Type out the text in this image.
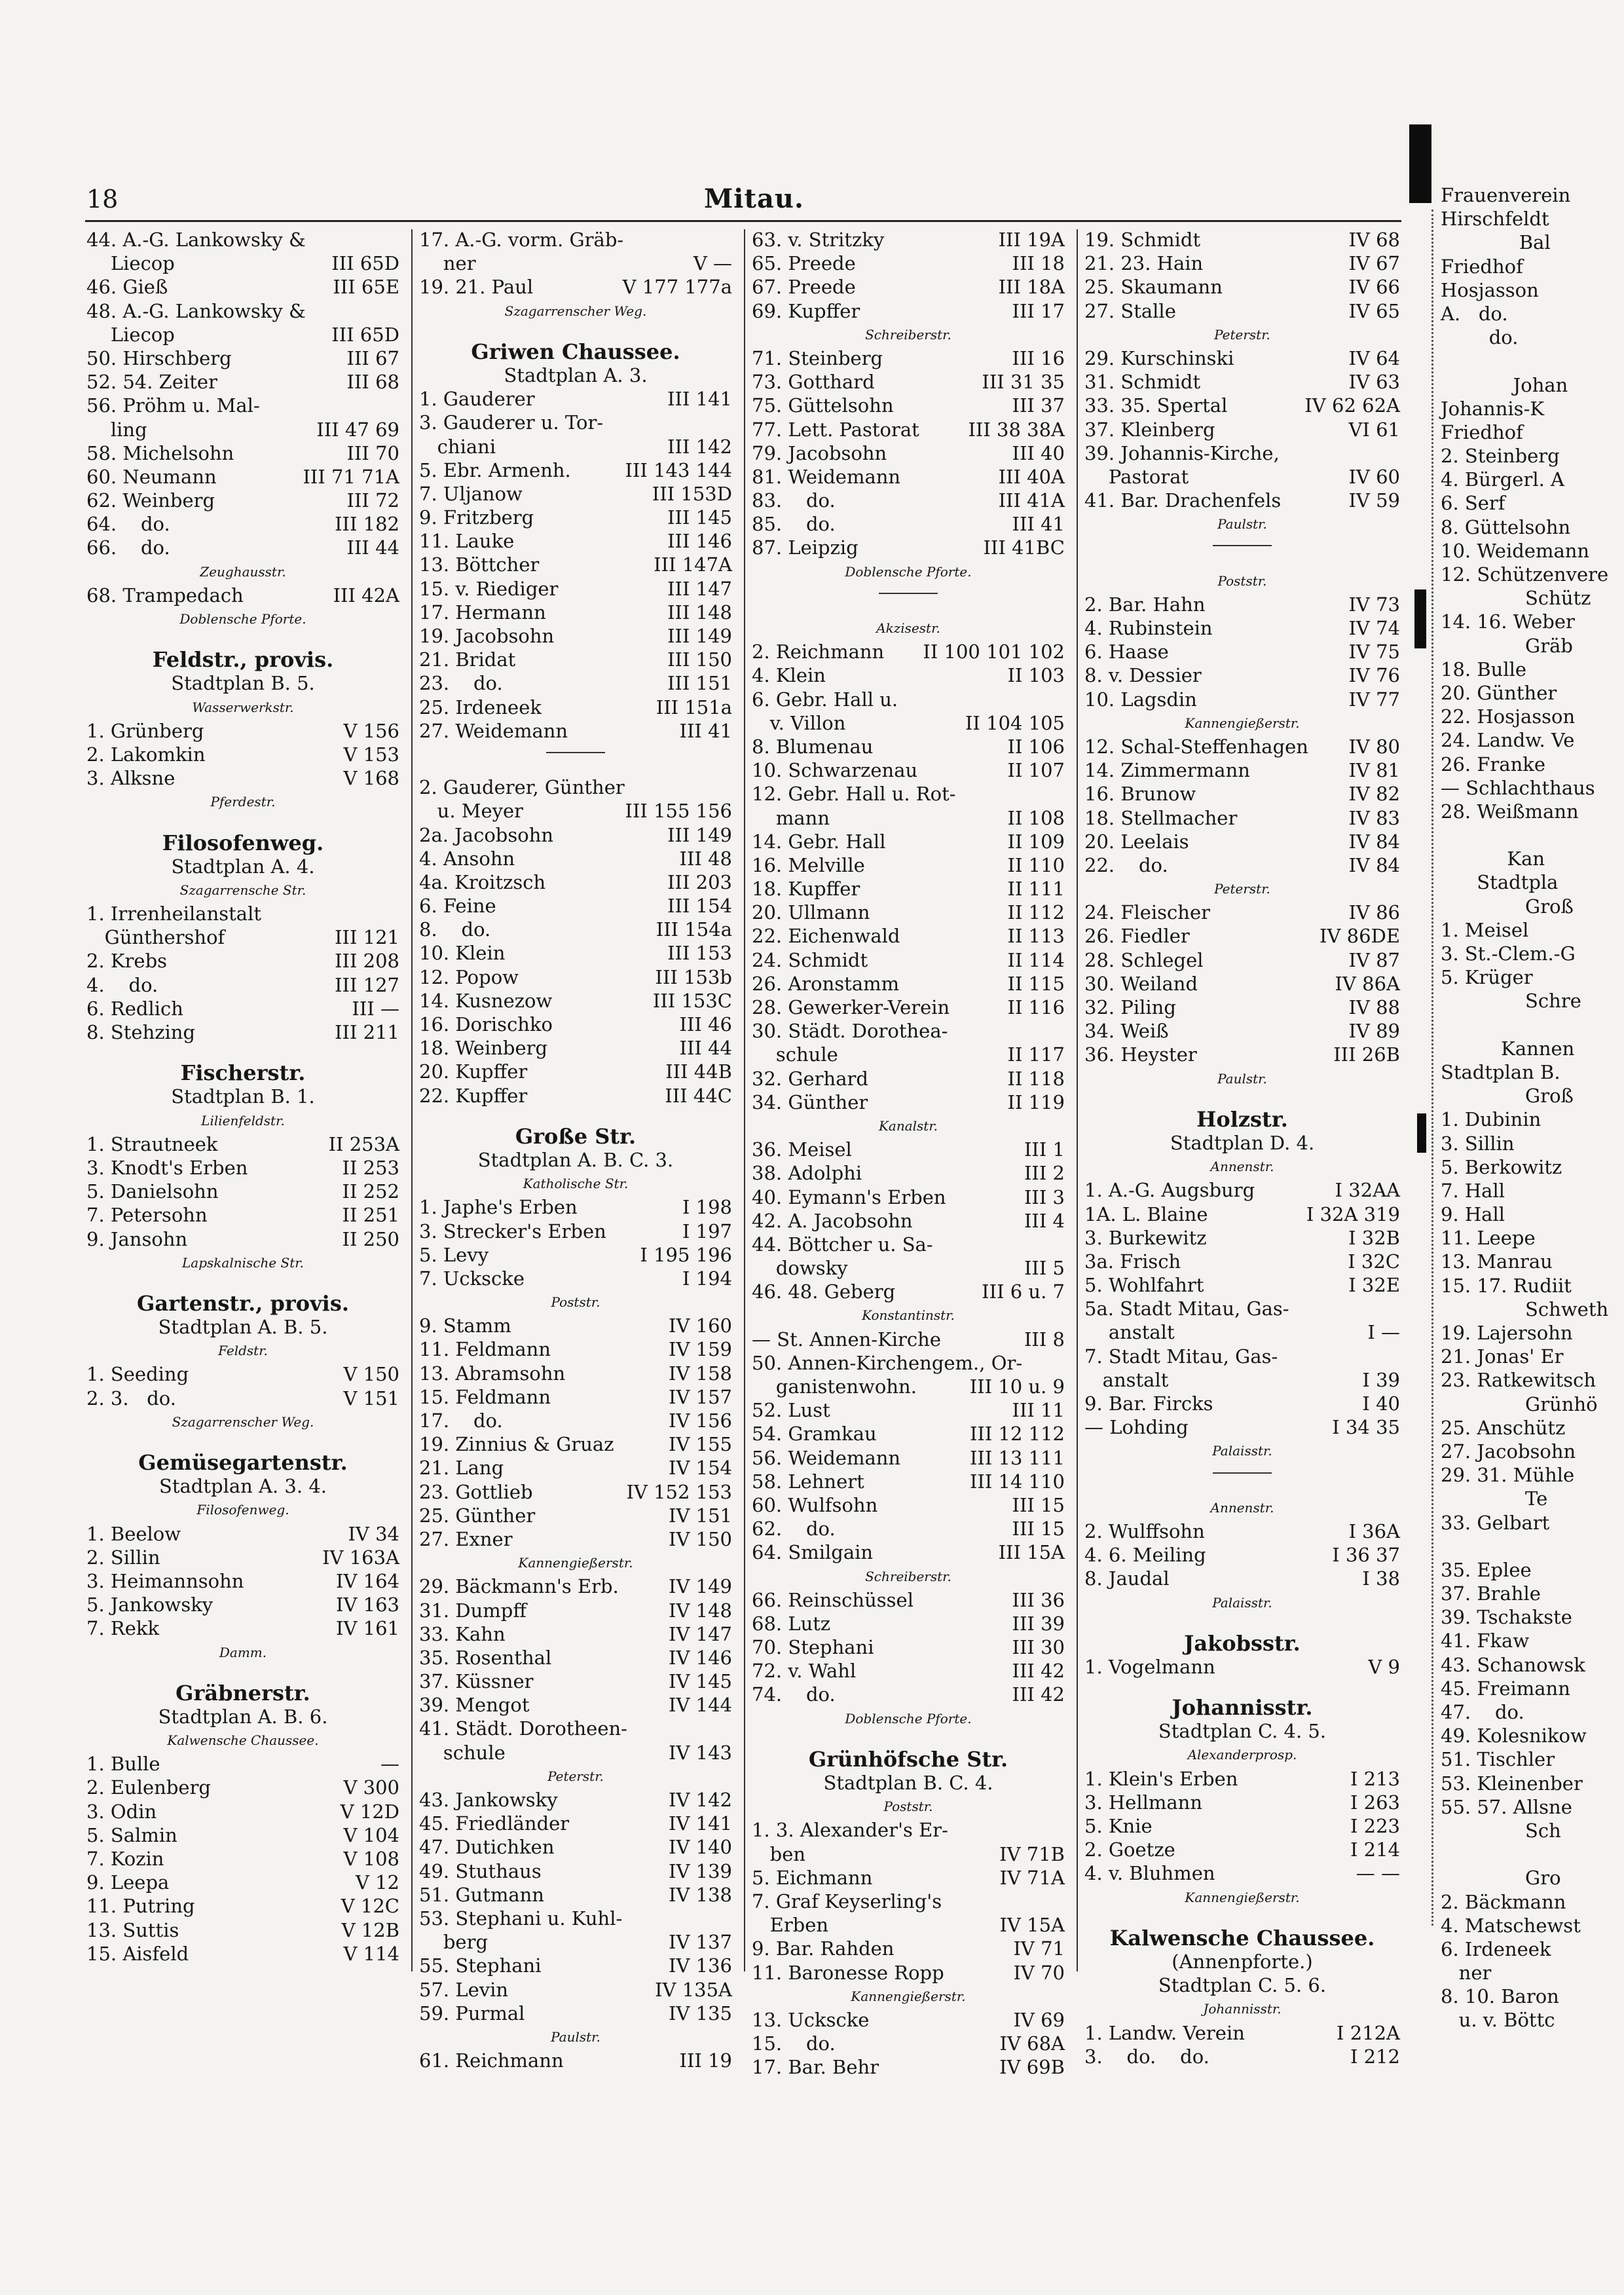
18	Mitau.
44. A.-G. Lankowsky &
Liecop	III 65D
46. Gieß	III 65E
48. A.-G. Lankowsky &
Liecop	III 65D
50. Hirschberg	III 67
52. 54. Zeiter	III 68
56. Pröhm u. Mal-
ling	III 47 69
58. Michelsohn	III 70
60. Neumann	III 71 71A
62. Weinberg	III 72
64.    do.	III 182
66.    do.	III 44
Zeughausstr.
68. Trampedach	III 42A
Doblensche Pforte.
Feldstr., provis.
Stadtplan B. 5.
Wasserwerkstr.
1. Grünberg	V 156
2. Lakomkin	V 153
3. Alksne	V 168
Pferdestr.
Filosofenweg.
Stadtplan A. 4.
Szagarrensche Str.
1. Irrenheilanstalt
Günthershof	III 121
2. Krebs	III 208
4.    do.	III 127
6. Redlich	III —
8. Stehzing	III 211
Fischerstr.
Stadtplan B. 1.
Lilienfeldstr.
1. Strautneek	II 253A
3. Knodt's Erben	II 253
5. Danielsohn	II 252
7. Petersohn	II 251
9. Jansohn	II 250
Lapskalnische Str.
Gartenstr., provis.
Stadtplan A. B. 5.
Feldstr.
1. Seeding	V 150
2. 3.   do.	V 151
Szagarrenscher Weg.
Gemüsegartenstr.
Stadtplan A. 3. 4.
Filosofenweg.
1. Beelow	IV 34
2. Sillin	IV 163A
3. Heimannsohn	IV 164
5. Jankowsky	IV 163
7. Rekk	IV 161
Damm.
Gräbnerstr.
Stadtplan A. B. 6.
Kalwensche Chaussee.
1. Bulle	—
2. Eulenberg	V 300
3. Odin	V 12D
5. Salmin	V 104
7. Kozin	V 108
9. Leepa	V 12
11. Putring	V 12C
13. Suttis	V 12B
15. Aisfeld	V 114
17. A.-G. vorm. Gräb-
ner	V —
19. 21. Paul	V 177 177a
Szagarrenscher Weg.
Griwen Chaussee.
Stadtplan A. 3.
1. Gauderer	III 141
3. Gauderer u. Tor-
chiani	III 142
5. Ebr. Armenh.	III 143 144
7. Uljanow	III 153D
9. Fritzberg	III 145
11. Lauke	III 146
13. Böttcher	III 147A
15. v. Riediger	III 147
17. Hermann	III 148
19. Jacobsohn	III 149
21. Bridat	III 150
23.    do.	III 151
25. Irdeneek	III 151a
27. Weidemann	III 41
2. Gauderer, Günther
u. Meyer	III 155 156
2a. Jacobsohn	III 149
4. Ansohn	III 48
4a. Kroitzsch	III 203
6. Feine	III 154
8.    do.	III 154a
10. Klein	III 153
12. Popow	III 153b
14. Kusnezow	III 153C
16. Dorischko	III 46
18. Weinberg	III 44
20. Kupffer	III 44B
22. Kupffer	III 44C
Große Str.
Stadtplan A. B. C. 3.
Katholische Str.
1. Japhe's Erben	I 198
3. Strecker's Erben	I 197
5. Levy	I 195 196
7. Uckscke	I 194
Poststr.
9. Stamm	IV 160
11. Feldmann	IV 159
13. Abramsohn	IV 158
15. Feldmann	IV 157
17.    do.	IV 156
19. Zinnius & Gruaz	IV 155
21. Lang	IV 154
23. Gottlieb	IV 152 153
25. Günther	IV 151
27. Exner	IV 150
Kannengießerstr.
29. Bäckmann's Erb.	IV 149
31. Dumpff	IV 148
33. Kahn	IV 147
35. Rosenthal	IV 146
37. Küssner	IV 145
39. Mengot	IV 144
41. Städt. Dorotheen-
schule	IV 143
Peterstr.
43. Jankowsky	IV 142
45. Friedländer	IV 141
47. Dutichken	IV 140
49. Stuthaus	IV 139
51. Gutmann	IV 138
53. Stephani u. Kuhl-
berg	IV 137
55. Stephani	IV 136
57. Levin	IV 135A
59. Purmal	IV 135
Paulstr.
61. Reichmann	III 19
63. v. Stritzky	III 19A
65. Preede	III 18
67. Preede	III 18A
69. Kupffer	III 17
Schreiberstr.
71. Steinberg	III 16
73. Gotthard	III 31 35
75. Güttelsohn	III 37
77. Lett. Pastorat	III 38 38A
79. Jacobsohn	III 40
81. Weidemann	III 40A
83.    do.	III 41A
85.    do.	III 41
87. Leipzig	III 41BC
Doblensche Pforte.
Akzisestr.
2. Reichmann II 100 101 102
4. Klein	II 103
6. Gebr. Hall u.
v. Villon	II 104 105
8. Blumenau	II 106
10. Schwarzenau	II 107
12. Gebr. Hall u. Rot-
mann	II 108
14. Gebr. Hall	II 109
16. Melville	II 110
18. Kupffer	II 111
20. Ullmann	II 112
22. Eichenwald	II 113
24. Schmidt	II 114
26. Aronstamm	II 115
28. Gewerker-Verein	II 116
30. Städt. Dorothea-
schule	II 117
32. Gerhard	II 118
34. Günther	II 119
Kanalstr.
36. Meisel	III 1
38. Adolphi	III 2
40. Eymann's Erben	III 3
42. A. Jacobsohn	III 4
44. Böttcher u. Sa-
dowsky	III 5
46. 48. Geberg	III 6 u. 7
Konstantinstr.
— St. Annen-Kirche	III 8
50. Annen-Kirchengem., Or-
ganistenwohn.	III 10 u. 9
52. Lust	III 11
54. Gramkau	III 12 112
56. Weidemann	III 13 111
58. Lehnert	III 14 110
60. Wulfsohn	III 15
62.    do.	III 15
64. Smilgain	III 15A
Schreiberstr.
66. Reinschüssel	III 36
68. Lutz	III 39
70. Stephani	III 30
72. v. Wahl	III 42
74.    do.	III 42
Doblensche Pforte.
Grünhöfsche Str.
Stadtplan B. C. 4.
Poststr.
1. 3. Alexander's Er-
ben	IV 71B
5. Eichmann	IV 71A
7. Graf Keyserling's
Erben	IV 15A
9. Bar. Rahden	IV 71
11. Baronesse Ropp	IV 70
Kannengießerstr.
13. Uckscke	IV 69
15.    do.	IV 68A
17. Bar. Behr	IV 69B
19. Schmidt	IV 68
21. 23. Hain	IV 67
25. Skaumann	IV 66
27. Stalle	IV 65
Peterstr.
29. Kurschinski	IV 64
31. Schmidt	IV 63
33. 35. Spertal	IV 62 62A
37. Kleinberg	VI 61
39. Johannis-Kirche,
Pastorat	IV 60
41. Bar. Drachenfels	IV 59
Paulstr.
Poststr.
2. Bar. Hahn	IV 73
4. Rubinstein	IV 74
6. Haase	IV 75
8. v. Dessier	IV 76
10. Lagsdin	IV 77
Kannengießerstr.
12. Schal-Steffenhagen IV 80
14. Zimmermann	IV 81
16. Brunow	IV 82
18. Stellmacher	IV 83
20. Leelais	IV 84
22.    do.	IV 84
Peterstr.
24. Fleischer	IV 86
26. Fiedler	IV 86DE
28. Schlegel	IV 87
30. Weiland	IV 86A
32. Piling	IV 88
34. Weiß	IV 89
36. Heyster	III 26B
Paulstr.
Holzstr.
Stadtplan D. 4.
Annenstr.
1. A.-G. Augsburg	I 32AA
1A. L. Blaine	I 32A 319
3. Burkewitz	I 32B
3a. Frisch	I 32C
5. Wohlfahrt	I 32E
5a. Stadt Mitau, Gas-
anstalt	I —
7. Stadt Mitau, Gas-
anstalt	I 39
9. Bar. Fircks	I 40
— Lohding	I 34 35
Palaisstr.
Annenstr.
2. Wulffsohn	I 36A
4. 6. Meiling	I 36 37
8. Jaudal	I 38
Palaisstr.
Jakobsstr.
1. Vogelmann	V 9
Johannisstr.
Stadtplan C. 4. 5.
Alexanderprosp.
1. Klein's Erben	I 213
3. Hellmann	I 263
5. Knie	I 223
2. Goetze	I 214
4. v. Bluhmen	— —
Kannengießerstr.
Kalwensche Chaussee.
(Annenpforte.)
Stadtplan C. 5. 6.
Johannisstr.
1. Landw. Verein	I 212A
3.    do.    do.	I 212
Frauenverein
Hirschfeldt
Bal
Friedhof
Hosjasson
A.   do.
do.
Johan
Johannis-K
Friedhof
2. Steinberg
4. Bürgerl. A
6. Serf
8. Güttelsohn
10. Weidemann
12. Schützenvere
Schütz
14. 16. Weber
Gräb
18. Bulle
20. Günther
22. Hosjasson
24. Landw. Ve
26. Franke
— Schlachthaus
28. Weißmann
Kan
Stadtpla
Groß
1. Meisel
3. St.-Clem.-G
5. Krüger
Schre
Kannen
Stadtplan B.
Groß
1. Dubinin
3. Sillin
5. Berkowitz
7. Hall
9. Hall
11. Leepe
13. Manrau
15. 17. Rudiit
Schweth
19. Lajersohn
21. Jonas' Er
23. Ratkewitsch
Grünhö
25. Anschütz
27. Jacobsohn
29. 31. Mühle
Te
33. Gelbart
35. Eplee
37. Brahle
39. Tschakste
41. Fkaw
43. Schanowsk
45. Freimann
47.    do.
49. Kolesnikow
51. Tischler
53. Kleinenber
55. 57. Allsne
Sch
Gro
2. Bäckmann
4. Matschewst
6. Irdeneek
ner
8. 10. Baron
u. v. Böttc
